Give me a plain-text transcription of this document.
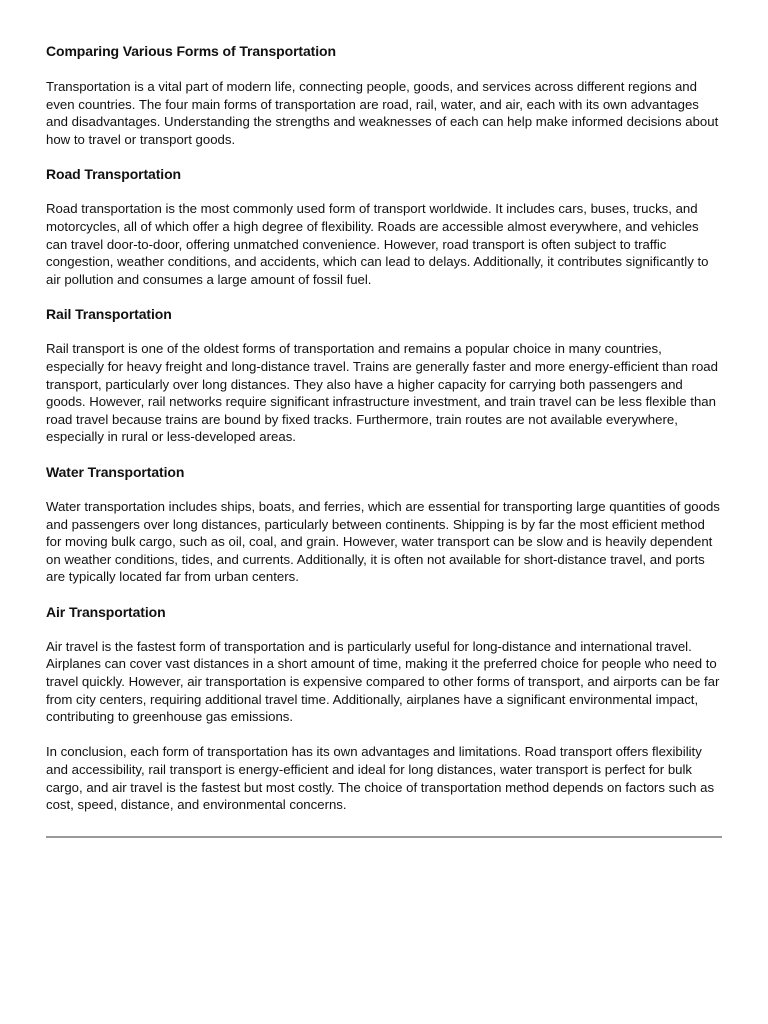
Comparing Various Forms of Transportation

Transportation is a vital part of modern life, connecting people, goods, and services across different regions and even countries. The four main forms of transportation are road, rail, water, and air, each with its own advantages and disadvantages. Understanding the strengths and weaknesses of each can help make informed decisions about how to travel or transport goods.

Road Transportation

Road transportation is the most commonly used form of transport worldwide. It includes cars, buses, trucks, and motorcycles, all of which offer a high degree of flexibility. Roads are accessible almost everywhere, and vehicles can travel door-to-door, offering unmatched convenience. However, road transport is often subject to traffic congestion, weather conditions, and accidents, which can lead to delays. Additionally, it contributes significantly to air pollution and consumes a large amount of fossil fuel.

Rail Transportation

Rail transport is one of the oldest forms of transportation and remains a popular choice in many countries, especially for heavy freight and long-distance travel. Trains are generally faster and more energy-efficient than road transport, particularly over long distances. They also have a higher capacity for carrying both passengers and goods. However, rail networks require significant infrastructure investment, and train travel can be less flexible than road travel because trains are bound by fixed tracks. Furthermore, train routes are not available everywhere, especially in rural or less-developed areas.

Water Transportation

Water transportation includes ships, boats, and ferries, which are essential for transporting large quantities of goods and passengers over long distances, particularly between continents. Shipping is by far the most efficient method for moving bulk cargo, such as oil, coal, and grain. However, water transport can be slow and is heavily dependent on weather conditions, tides, and currents. Additionally, it is often not available for short-distance travel, and ports are typically located far from urban centers.

Air Transportation

Air travel is the fastest form of transportation and is particularly useful for long-distance and international travel. Airplanes can cover vast distances in a short amount of time, making it the preferred choice for people who need to travel quickly. However, air transportation is expensive compared to other forms of transport, and airports can be far from city centers, requiring additional travel time. Additionally, airplanes have a significant environmental impact, contributing to greenhouse gas emissions.

In conclusion, each form of transportation has its own advantages and limitations. Road transport offers flexibility and accessibility, rail transport is energy-efficient and ideal for long distances, water transport is perfect for bulk cargo, and air travel is the fastest but most costly. The choice of transportation method depends on factors such as cost, speed, distance, and environmental concerns.
